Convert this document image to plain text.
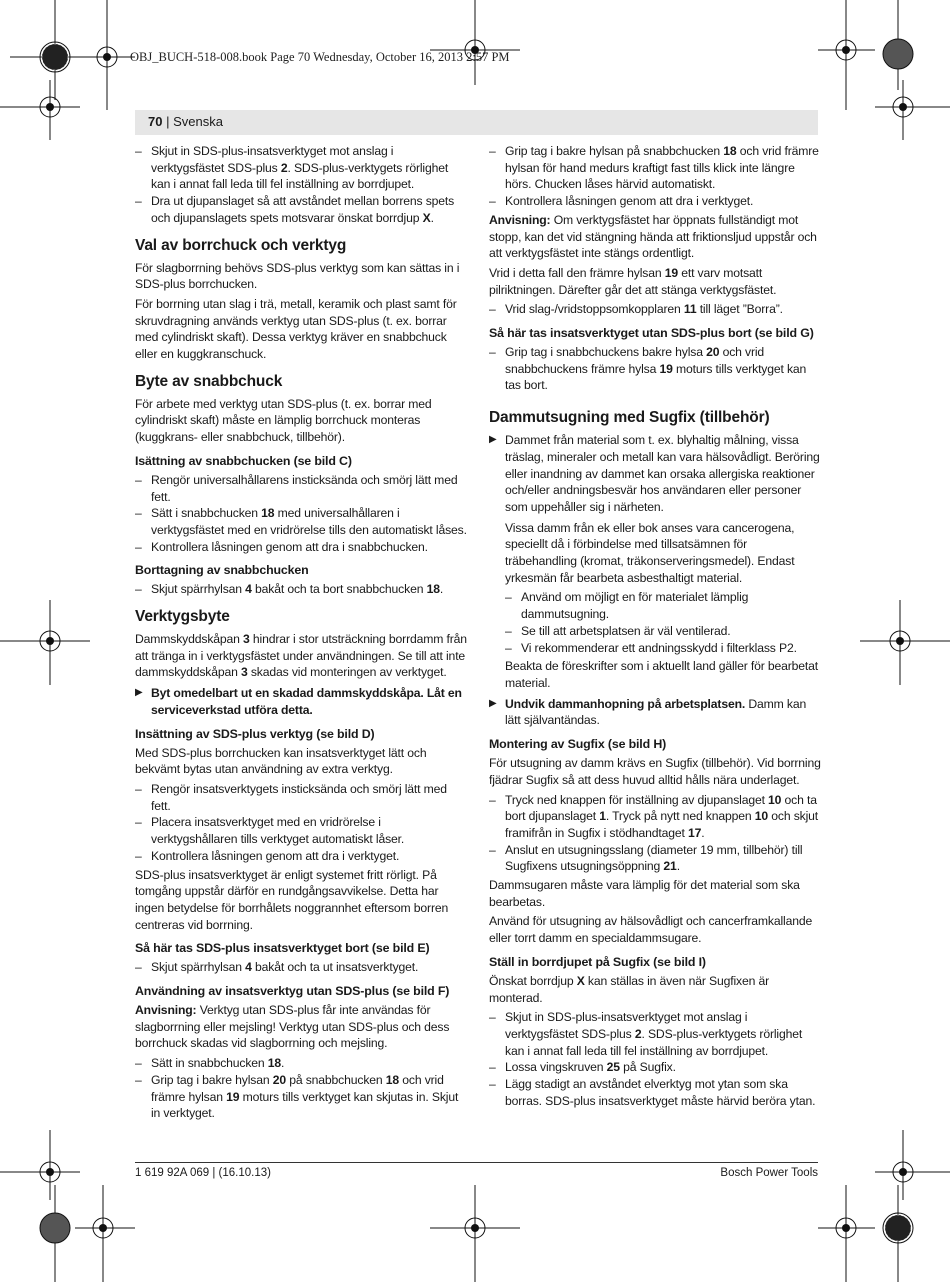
OBJ_BUCH-518-008.book Page 70 Wednesday, October 16, 2013 2:57 PM
70 | Svenska
– Skjut in SDS-plus-insatsverktyget mot anslag i verktygsfästet SDS-plus 2. SDS-plus-verktygets rörlighet kan i annat fall leda till fel inställning av borrdjupet.
– Dra ut djupanslaget så att avståndet mellan borrens spets och djupanslagets spets motsvarar önskat borrdjup X.
Val av borrchuck och verktyg

För slagborrning behövs SDS-plus verktyg som kan sättas in i SDS-plus borrchucken.

För borrning utan slag i trä, metall, keramik och plast samt för skruvdragning används verktyg utan SDS-plus (t. ex. borrar med cylindriskt skaft). Dessa verktyg kräver en snabbchuck eller en kuggkranschuck.

Byte av snabbchuck

För arbete med verktyg utan SDS-plus (t. ex. borrar med cylindriskt skaft) måste en lämplig borrchuck monteras (kuggkrans- eller snabbchuck, tillbehör).

Isättning av snabbchucken (se bild C)
– Rengör universalhållarens insticksända och smörj lätt med fett.
– Sätt i snabbchucken 18 med universalhållaren i verktygsfästet med en vridrörelse tills den automatiskt låses.
– Kontrollera låsningen genom att dra i snabbchucken.
Borttagning av snabbchucken
– Skjut spärrhylsan 4 bakåt och ta bort snabbchucken 18.
Verktygsbyte

Dammskyddskåpan 3 hindrar i stor utsträckning borrdamm från att tränga in i verktygsfästet under användningen. Se till att inte dammskyddskåpan 3 skadas vid monteringen av verktyget.

▶ Byt omedelbart ut en skadad dammskyddskåpa. Låt en serviceverkstad utföra detta.
Insättning av SDS-plus verktyg (se bild D)

Med SDS-plus borrchucken kan insatsverktyget lätt och bekvämt bytas utan användning av extra verktyg.

– Rengör insatsverktygets insticksända och smörj lätt med fett.
– Placera insatsverktyget med en vridrörelse i verktygshållaren tills verktyget automatiskt låser.
– Kontrollera låsningen genom att dra i verktyget.

SDS-plus insatsverktyget är enligt systemet fritt rörligt. På tomgång uppstår därför en rundgångsavvikelse. Detta har ingen betydelse för borrhålets noggrannhet eftersom borren centreras vid borrning.

Så här tas SDS-plus insatsverktyget bort (se bild E)
– Skjut spärrhylsan 4 bakåt och ta ut insatsverktyget.
Användning av insatsverktyg utan SDS-plus (se bild F)

Anvisning: Verktyg utan SDS-plus får inte användas för slagborrning eller mejsling! Verktyg utan SDS-plus och dess borrchuck skadas vid slagborrning och mejsling.

– Sätt in snabbchucken 18.
– Grip tag i bakre hylsan 20 på snabbchucken 18 och vrid främre hylsan 19 moturs tills verktyget kan skjutas in. Skjut in verktyget.
– Grip tag i bakre hylsan på snabbchucken 18 och vrid främre hylsan för hand medurs kraftigt fast tills klick inte längre hörs. Chucken låses härvid automatiskt.
– Kontrollera låsningen genom att dra i verktyget.

Anvisning: Om verktygsfästet har öppnats fullständigt mot stopp, kan det vid stängning hända att friktionsljud uppstår och att verktygsfästet inte stängs ordentligt.

Vrid i detta fall den främre hylsan 19 ett varv motsatt pilriktningen. Därefter går det att stänga verktygsfästet.

– Vrid slag-/vridstoppsomkopplaren 11 till läget ”Borra”.
Så här tas insatsverktyget utan SDS-plus bort (se bild G)
– Grip tag i snabbchuckens bakre hylsa 20 och vrid snabbchuckens främre hylsa 19 moturs tills verktyget kan tas bort.
Dammutsugning med Sugfix (tillbehör)
▶ Dammet från material som t. ex. blyhaltig målning, vissa träslag, mineraler och metall kan vara hälsovådligt. Beröring eller inandning av dammet kan orsaka allergiska reaktioner och/eller andningsbesvär hos användaren eller personer som uppehåller sig i närheten.

Vissa damm från ek eller bok anses vara cancerogena, speciellt då i förbindelse med tillsatsämnen för träbehandling (kromat, träkonserveringsmedel). Endast yrkesmän får bearbeta asbesthaltigt material.

– Använd om möjligt en för materialet lämplig dammutsugning.
– Se till att arbetsplatsen är väl ventilerad.
– Vi rekommenderar ett andningsskydd i filterklass P2.

Beakta de föreskrifter som i aktuellt land gäller för bearbetat material.

▶ Undvik dammanhopning på arbetsplatsen. Damm kan lätt självantändas.
Montering av Sugfix (se bild H)

För utsugning av damm krävs en Sugfix (tillbehör). Vid borrning fjädrar Sugfix så att dess huvud alltid hålls nära underlaget.

– Tryck ned knappen för inställning av djupanslaget 10 och ta bort djupanslaget 1. Tryck på nytt ned knappen 10 och skjut framifrån in Sugfix i stödhandtaget 17.
– Anslut en utsugningsslang (diameter 19 mm, tillbehör) till Sugfixens utsugningsöppning 21.

Dammsugaren måste vara lämplig för det material som ska bearbetas.

Använd för utsugning av hälsovådligt och cancerframkallande eller torrt damm en specialdammsugare.

Ställ in borrdjupet på Sugfix (se bild I)

Önskat borrdjup X kan ställas in även när Sugfixen är monterad.

– Skjut in SDS-plus-insatsverktyget mot anslag i verktygsfästet SDS-plus 2. SDS-plus-verktygets rörlighet kan i annat fall leda till fel inställning av borrdjupet.
– Lossa vingskruven 25 på Sugfix.
– Lägg stadigt an avståndet elverktyg mot ytan som ska borras. SDS-plus insatsverktyget måste härvid beröra ytan.
1 619 92A 069 | (16.10.13)	Bosch Power Tools
